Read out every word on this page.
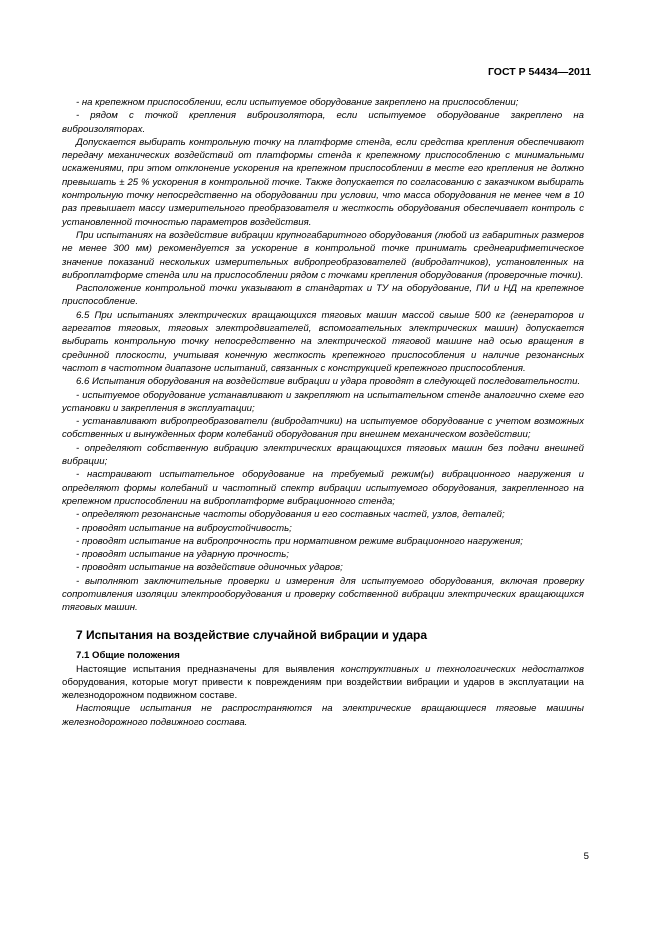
ГОСТ Р 54434—2011

- на крепежном приспособлении, если испытуемое оборудование закреплено на приспособлении;

- рядом с точкой крепления виброизолятора, если испытуемое оборудование закреплено на виброизоляторах.

Допускается выбирать контрольную точку на платформе стенда, если средства крепления обеспечивают передачу механических воздействий от платформы стенда к крепежному приспособлению с минимальными искажениями, при этом отклонение ускорения на крепежном приспособлении в месте его крепления не должно превышать ± 25 % ускорения в контрольной точке. Также допускается по согласованию с заказчиком выбирать контрольную точку непосредственно на оборудовании при условии, что масса оборудования не менее чем в 10 раз превышает массу измерительного преобразователя и жесткость оборудования обеспечивает контроль с установленной точностью параметров воздействия.

При испытаниях на воздействие вибрации крупногабаритного оборудования (любой из габаритных размеров не менее 300 мм) рекомендуется за ускорение в контрольной точке принимать среднеарифметическое значение показаний нескольких измерительных вибропреобразователей (вибродатчиков), установленных на виброплатформе стенда или на приспособлении рядом с точками крепления оборудования (проверочные точки).

Расположение контрольной точки указывают в стандартах и ТУ на оборудование, ПИ и НД на крепежное приспособление.

6.5 При испытаниях электрических вращающихся тяговых машин массой свыше 500 кг (генераторов и агрегатов тяговых, тяговых электродвигателей, вспомогательных электрических машин) допускается выбирать контрольную точку непосредственно на электрической тяговой машине над осью вращения в срединной плоскости, учитывая конечную жесткость крепежного приспособления и наличие резонансных частот в частотном диапазоне испытаний, связанных с конструкцией крепежного приспособления.

6.6 Испытания оборудования на воздействие вибрации и удара проводят в следующей последовательности.

- испытуемое оборудование устанавливают и закрепляют на испытательном стенде аналогично схеме его установки и закрепления в эксплуатации;

- устанавливают вибропреобразователи (вибродатчики) на испытуемое оборудование с учетом возможных собственных и вынужденных форм колебаний оборудования при внешнем механическом воздействии;

- определяют собственную вибрацию электрических вращающихся тяговых машин без подачи внешней вибрации;

- настраивают испытательное оборудование на требуемый режим(ы) вибрационного нагружения и определяют формы колебаний и частотный спектр вибрации испытуемого оборудования, закрепленного на крепежном приспособлении на виброплатформе вибрационного стенда;

- определяют резонансные частоты оборудования и его составных частей, узлов, деталей;

- проводят испытание на виброустойчивость;

- проводят испытание на вибропрочность при нормативном режиме вибрационного нагружения;

- проводят испытание на ударную прочность;

- проводят испытание на воздействие одиночных ударов;

- выполняют заключительные проверки и измерения для испытуемого оборудования, включая проверку сопротивления изоляции электрооборудования и проверку собственной вибрации электрических вращающихся тяговых машин.

7 Испытания на воздействие случайной вибрации и удара
7.1 Общие положения

Настоящие испытания предназначены для выявления конструктивных и технологических недостатков оборудования, которые могут привести к повреждениям при воздействии вибрации и ударов в эксплуатации на железнодорожном подвижном составе.

Настоящие испытания не распространяются на электрические вращающиеся тяговые машины железнодорожного подвижного состава.

5
